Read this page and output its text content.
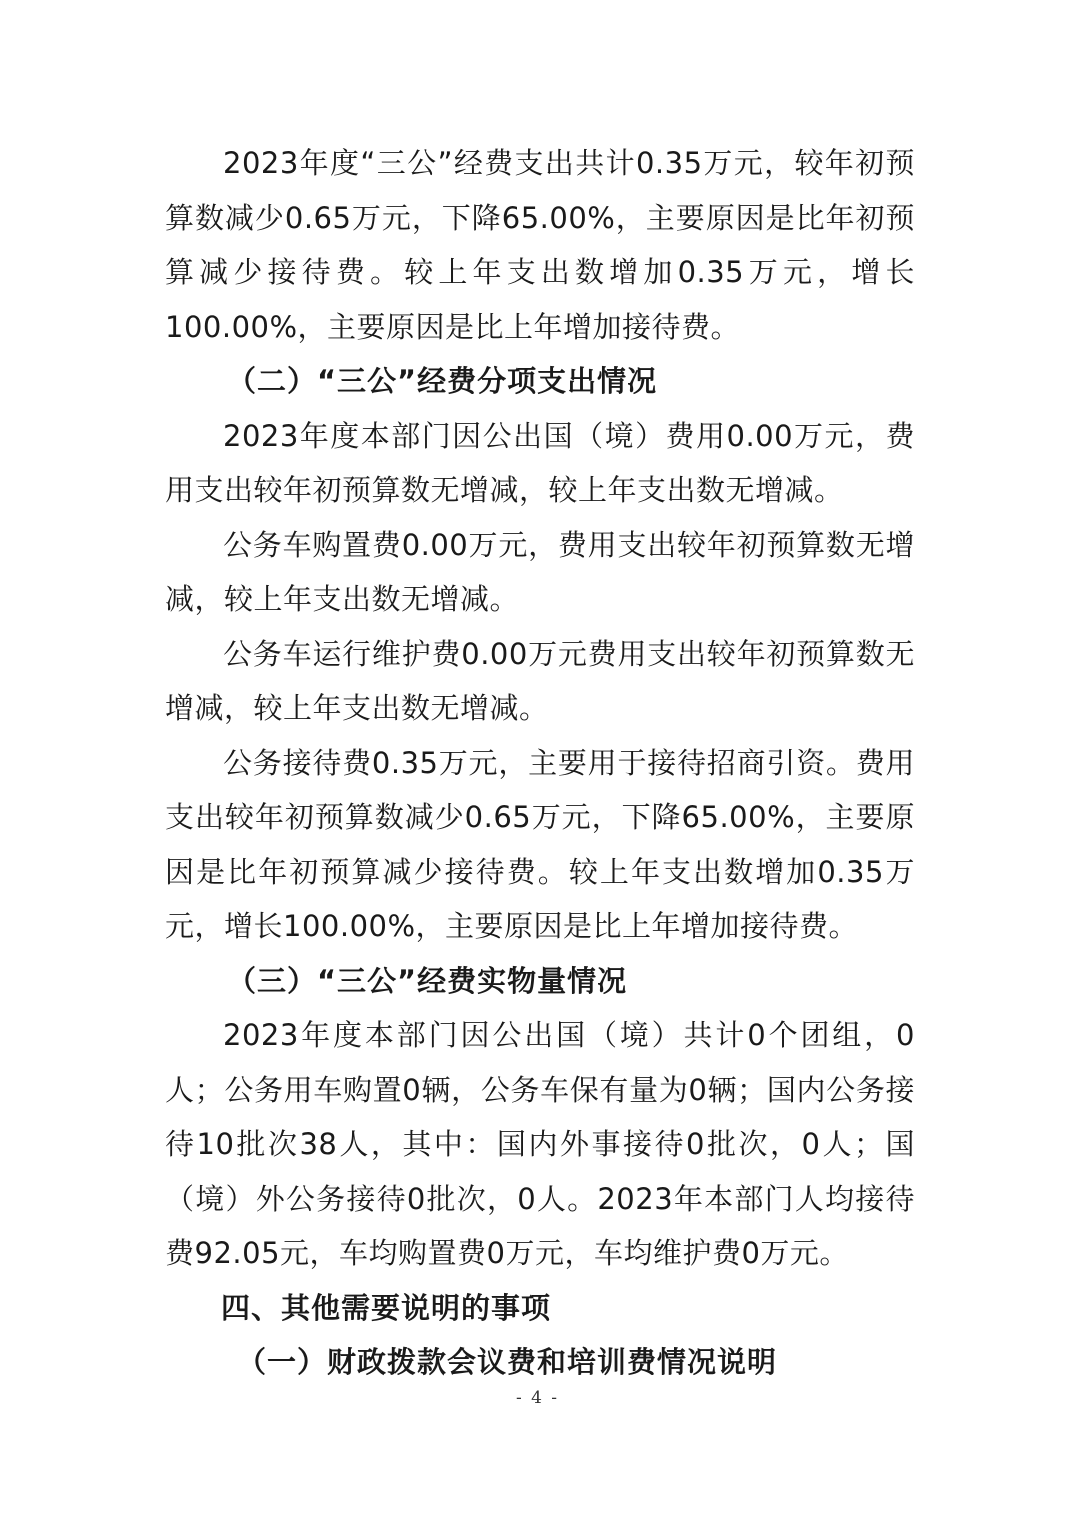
2023年度“三公”经费支出共计0.35万元，较年初预算数减少0.65万元，下降65.00%，主要原因是比年初预算减少接待费。较上年支出数增加0.35万元，增长100.00%，主要原因是比上年增加接待费。

（二）“三公”经费分项支出情况

2023年度本部门因公出国（境）费用0.00万元，费用支出较年初预算数无增减，较上年支出数无增减。

公务车购置费0.00万元，费用支出较年初预算数无增减，较上年支出数无增减。

公务车运行维护费0.00万元费用支出较年初预算数无增减，较上年支出数无增减。

公务接待费0.35万元，主要用于接待招商引资。费用支出较年初预算数减少0.65万元，下降65.00%，主要原因是比年初预算减少接待费。较上年支出数增加0.35万元，增长100.00%，主要原因是比上年增加接待费。

（三）“三公”经费实物量情况

2023年度本部门因公出国（境）共计0个团组，0人；公务用车购置0辆，公务车保有量为0辆；国内公务接待10批次38人，其中：国内外事接待0批次，0人；国（境）外公务接待0批次，0人。2023年本部门人均接待费92.05元，车均购置费0万元，车均维护费0万元。

四、其他需要说明的事项

（一）财政拨款会议费和培训费情况说明

- 4 -
